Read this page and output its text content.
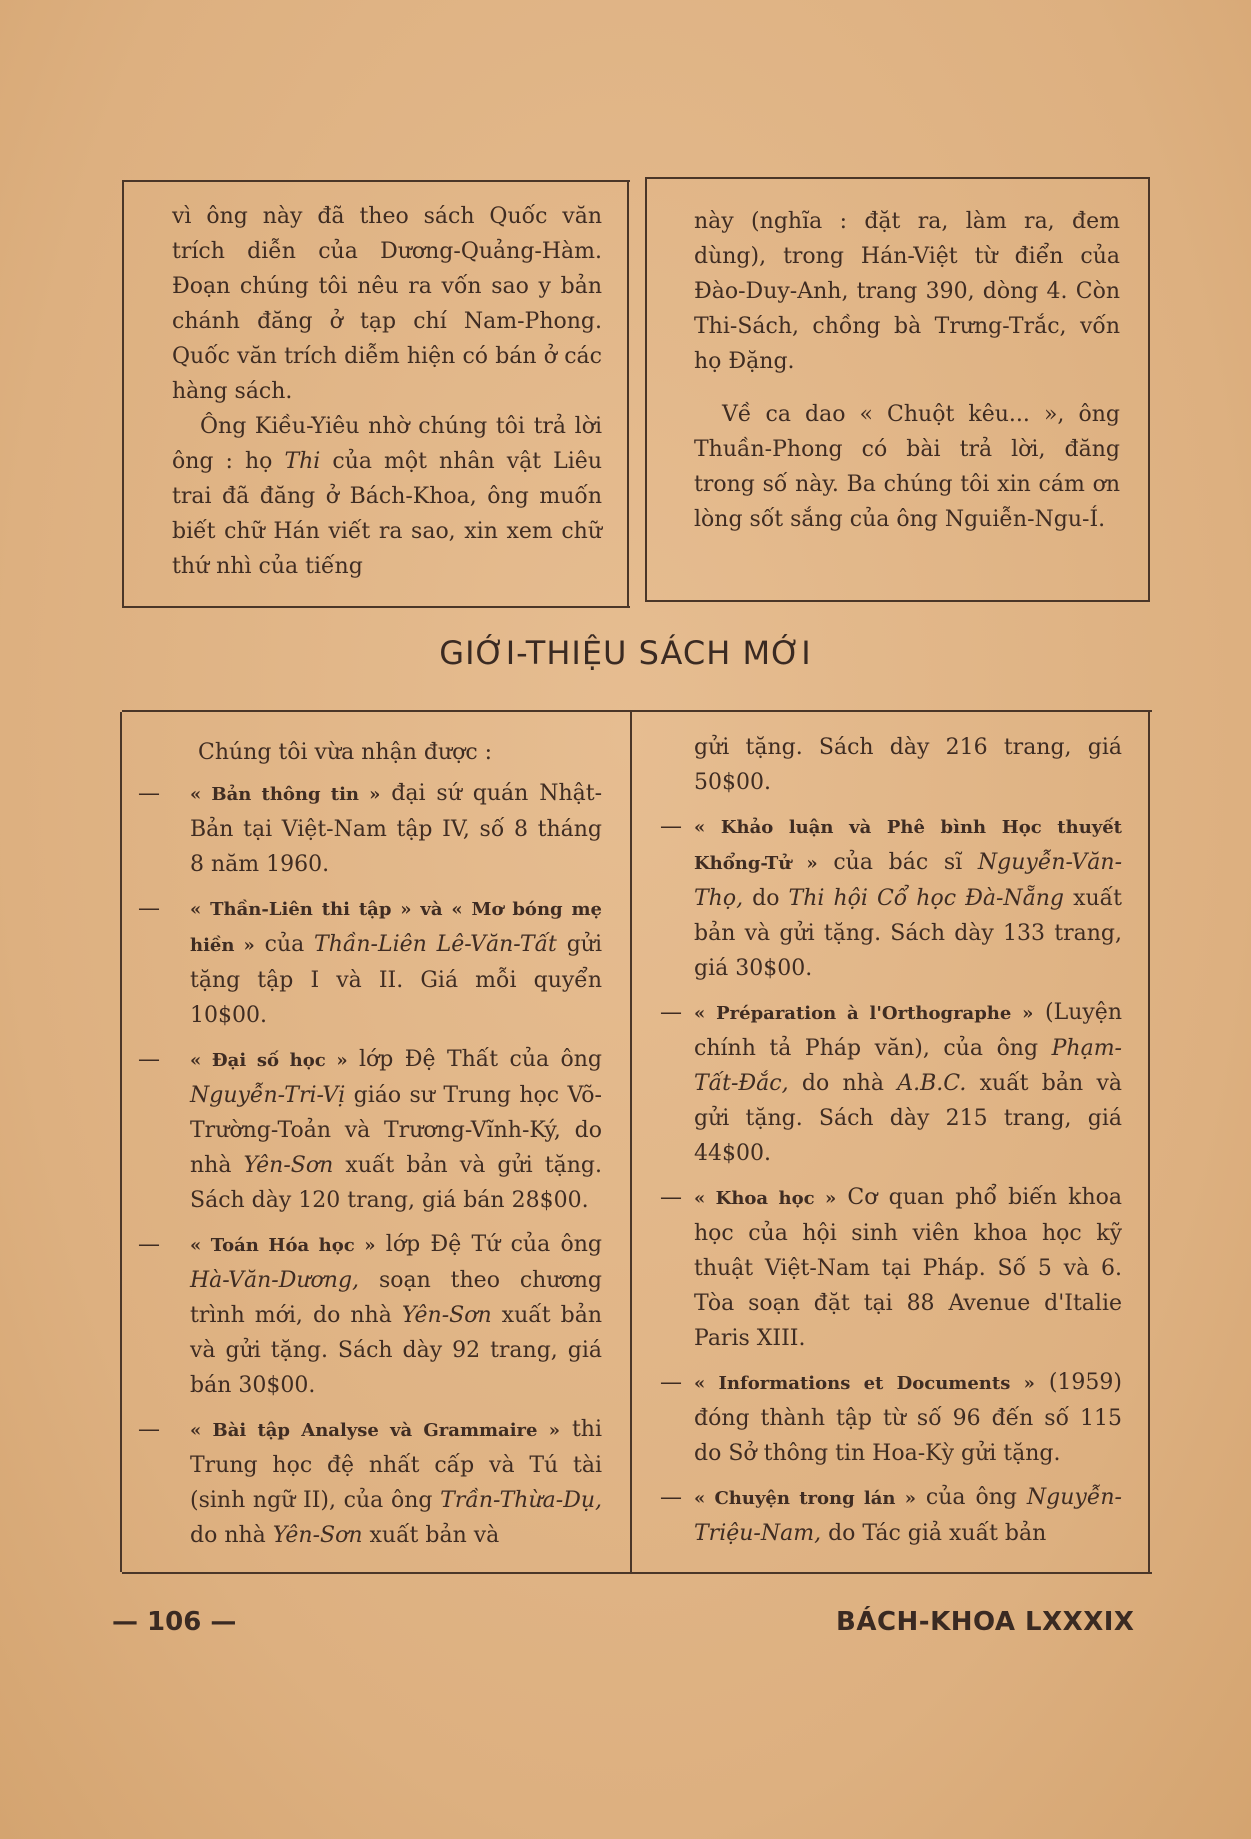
vì ông này đã theo sách Quốc văn trích diễn của Dương-Quảng-Hàm. Đoạn chúng tôi nêu ra vốn sao y bản chánh đăng ở tạp chí Nam-Phong. Quốc văn trích diễm hiện có bán ở các hàng sách.

Ông Kiều-Yiêu nhờ chúng tôi trả lời ông : họ Thi của một nhân vật Liêu trai đã đăng ở Bách-Khoa, ông muốn biết chữ Hán viết ra sao, xin xem chữ thứ nhì của tiếng

này (nghĩa : đặt ra, làm ra, đem dùng), trong Hán-Việt từ điển của Đào-Duy-Anh, trang 390, dòng 4. Còn Thi-Sách, chồng bà Trưng-Trắc, vốn họ Đặng.

Về ca dao « Chuột kêu... », ông Thuần-Phong có bài trả lời, đăng trong số này. Ba chúng tôi xin cám ơn lòng sốt sắng của ông Nguiễn-Ngu-Í.

GIỚI-THIỆU SÁCH MỚI

Chúng tôi vừa nhận được :

— « Bản thông tin » đại sứ quán Nhật-Bản tại Việt-Nam tập IV, số 8 tháng 8 năm 1960.
— « Thần-Liên thi tập » và « Mơ bóng mẹ hiền » của Thần-Liên Lê-Văn-Tất gửi tặng tập I và II. Giá mỗi quyển 10$00.
— « Đại số học » lớp Đệ Thất của ông Nguyễn-Tri-Vị giáo sư Trung học Võ-Trường-Toản và Trương-Vĩnh-Ký, do nhà Yên-Sơn xuất bản và gửi tặng. Sách dày 120 trang, giá bán 28$00.
— « Toán Hóa học » lớp Đệ Tứ của ông Hà-Văn-Dương, soạn theo chương trình mới, do nhà Yên-Sơn xuất bản và gửi tặng. Sách dày 92 trang, giá bán 30$00.
— « Bài tập Analyse và Grammaire » thi Trung học đệ nhất cấp và Tú tài (sinh ngữ II), của ông Trần-Thừa-Dụ, do nhà Yên-Sơn xuất bản và

gửi tặng. Sách dày 216 trang, giá 50$00.

— « Khảo luận và Phê bình Học thuyết Khổng-Tử » của bác sĩ Nguyễn-Văn-Thọ, do Thi hội Cổ học Đà-Nẵng xuất bản và gửi tặng. Sách dày 133 trang, giá 30$00.
— « Préparation à l'Orthographe » (Luyện chính tả Pháp văn), của ông Phạm-Tất-Đắc, do nhà A.B.C. xuất bản và gửi tặng. Sách dày 215 trang, giá 44$00.
— « Khoa học » Cơ quan phổ biến khoa học của hội sinh viên khoa học kỹ thuật Việt-Nam tại Pháp. Số 5 và 6. Tòa soạn đặt tại 88 Avenue d'Italie Paris XIII.
— « Informations et Documents » (1959) đóng thành tập từ số 96 đến số 115 do Sở thông tin Hoa-Kỳ gửi tặng.
— « Chuyện trong lán » của ông Nguyễn-Triệu-Nam, do Tác giả xuất bản
— 106 —	BÁCH-KHOA LXXXIX
